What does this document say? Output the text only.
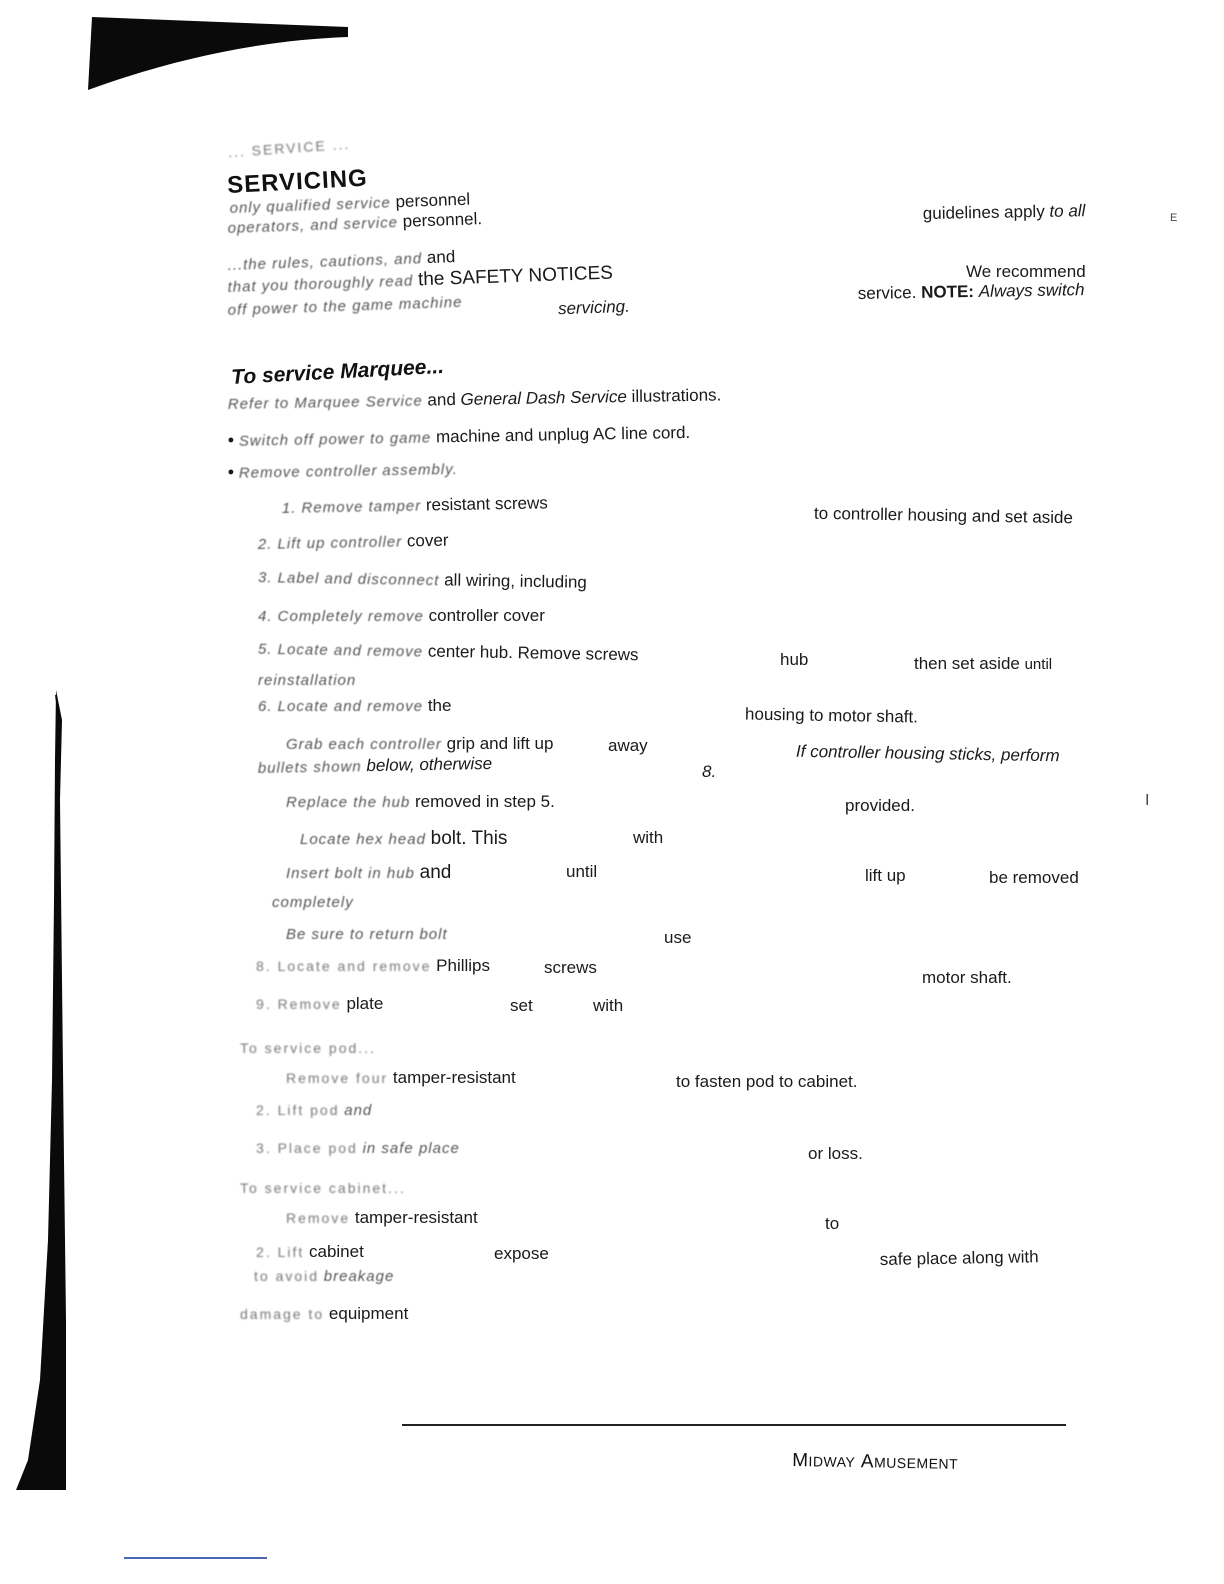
... SERVICE ...
SERVICING
only qualified service personnel
operators, and service personnel.	guidelines apply to all
...the rules, cautions, and and
We recommend
that you thoroughly read the SAFETY NOTICES
service. NOTE: Always switch
off power to the game machine	servicing.
To service Marquee...
Refer to Marquee Service and General Dash Service illustrations.
• Switch off power to game machine and unplug AC line cord.
• Remove controller assembly.
1. Remove tamper resistant screws	to controller housing and set aside
2. Lift up controller cover
3. Label and disconnect all wiring, including
4. Completely remove controller cover
5. Locate and remove center hub. Remove screws	hub	then set aside until
reinstallation
6. Locate and remove the	housing to motor shaft.
Grab each controller grip and lift up	away	If controller housing sticks, perform
bullets shown below, otherwise	8.
Replace the hub removed in step 5.	provided.
Locate hex head bolt. This	with
Insert bolt in hub and	until	lift up	be removed
completely
Be sure to return bolt	use
8. Locate and remove Phillips	screws
motor shaft.
9. Remove plate	set	with
To service pod...
Remove four tamper-resistant	to fasten pod to cabinet.
2. Lift pod and
3. Place pod in safe place	or loss.
To service cabinet...
Remove tamper-resistant	to
2. Lift cabinet	expose	safe place along with
to avoid breakage
damage to equipment
E
I
MIDWAY AMUSEMENT
